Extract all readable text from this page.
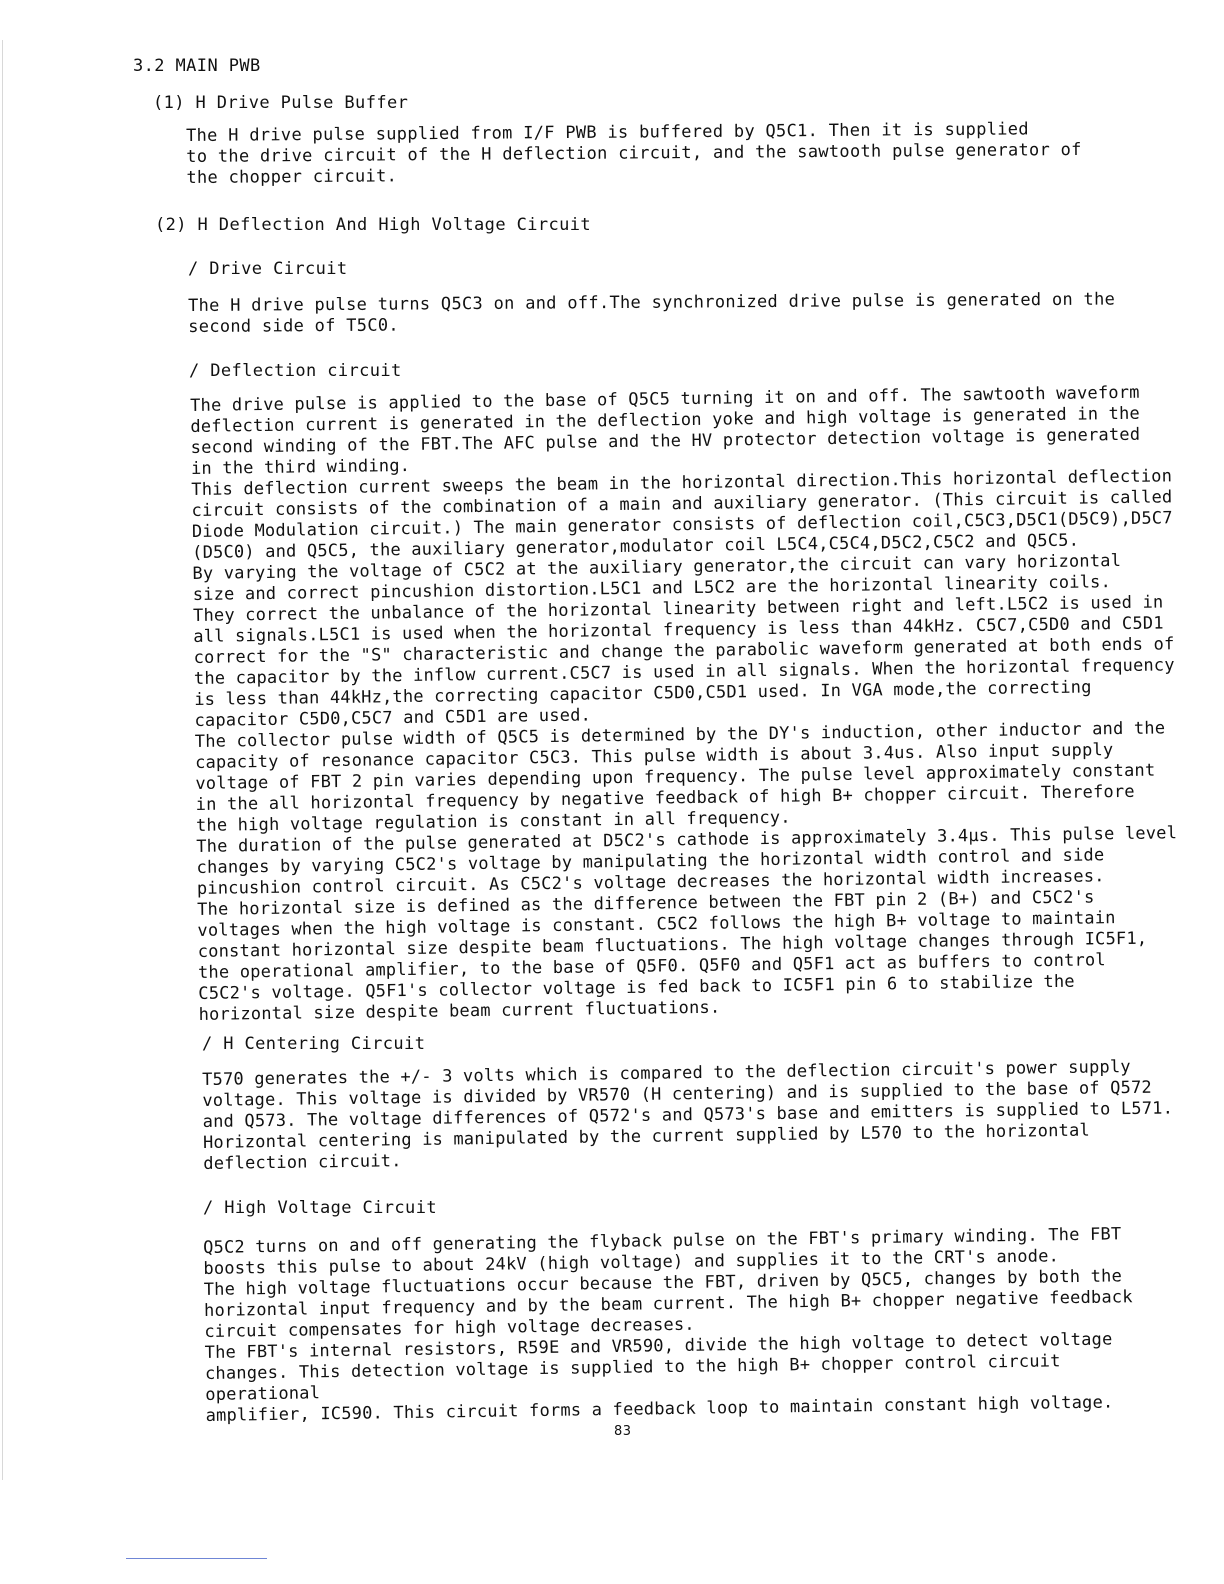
3.2 MAIN PWB
(1) H Drive Pulse Buffer

The H drive pulse supplied from I/F PWB is buffered by Q5C1. Then it is supplied
to the drive circuit of the H deflection circuit, and the sawtooth pulse generator of
the chopper circuit.

(2) H Deflection And High Voltage Circuit
/ Drive Circuit

The H drive pulse turns Q5C3 on and off.The synchronized drive pulse is generated on the
second side of T5C0.

/ Deflection circuit

The drive pulse is applied to the base of Q5C5 turning it on and off. The sawtooth waveform
deflection current is generated in the deflection yoke and high voltage is generated in the
second winding of the FBT.The AFC pulse and the HV protector detection voltage is generated
in the third winding.
This deflection current sweeps the beam in the horizontal direction.This horizontal deflection
circuit consists of the combination of a main and auxiliary generator. (This circuit is called
Diode Modulation circuit.) The main generator consists of deflection coil,C5C3,D5C1(D5C9),D5C7
(D5C0) and Q5C5, the auxiliary generator,modulator coil L5C4,C5C4,D5C2,C5C2 and Q5C5.
By varying the voltage of C5C2 at the auxiliary generator,the circuit can vary horizontal
size and correct pincushion distortion.L5C1 and L5C2 are the horizontal linearity coils.
They correct the unbalance of the horizontal linearity between right and left.L5C2 is used in
all signals.L5C1 is used when the horizontal frequency is less than 44kHz. C5C7,C5D0 and C5D1
correct for the "S" characteristic and change the parabolic waveform generated at both ends of
the capacitor by the inflow current.C5C7 is used in all signals. When the horizontal frequency
is less than 44kHz,the correcting capacitor C5D0,C5D1 used. In VGA mode,the correcting
capacitor C5D0,C5C7 and C5D1 are used.
The collector pulse width of Q5C5 is determined by the DY's induction, other inductor and the
capacity of resonance capacitor C5C3. This pulse width is about 3.4us. Also input supply
voltage of FBT 2 pin varies depending upon frequency. The pulse level approximately constant
in the all horizontal frequency by negative feedback of high B+ chopper circuit. Therefore
the high voltage regulation is constant in all frequency.
The duration of the pulse generated at D5C2's cathode is approximately 3.4µs. This pulse level
changes by varying C5C2's voltage by manipulating the horizontal width control and side
pincushion control circuit. As C5C2's voltage decreases the horizontal width increases.
The horizontal size is defined as the difference between the FBT pin 2 (B+) and C5C2's
voltages when the high voltage is constant. C5C2 follows the high B+ voltage to maintain
constant horizontal size despite beam fluctuations. The high voltage changes through IC5F1,
the operational amplifier, to the base of Q5F0. Q5F0 and Q5F1 act as buffers to control
C5C2's voltage. Q5F1's collector voltage is fed back to IC5F1 pin 6 to stabilize the
horizontal size despite beam current fluctuations.

/ H Centering Circuit

T570 generates the +/- 3 volts which is compared to the deflection circuit's power supply
voltage. This voltage is divided by VR570 (H centering) and is supplied to the base of Q572
and Q573. The voltage differences of Q572's and Q573's base and emitters is supplied to L571.
Horizontal centering is manipulated by the current supplied by L570 to the horizontal
deflection circuit.

/ High Voltage Circuit

Q5C2 turns on and off generating the flyback pulse on the FBT's primary winding. The FBT
boosts this pulse to about 24kV (high voltage) and supplies it to the CRT's anode.
The high voltage fluctuations occur because the FBT, driven by Q5C5, changes by both the
horizontal input frequency and by the beam current. The high B+ chopper negative feedback
circuit compensates for high voltage decreases.
The FBT's internal resistors, R59E and VR590, divide the high voltage to detect voltage
changes. This detection voltage is supplied to the high B+ chopper control circuit operational
amplifier, IC590. This circuit forms a feedback loop to maintain constant high voltage.

83
